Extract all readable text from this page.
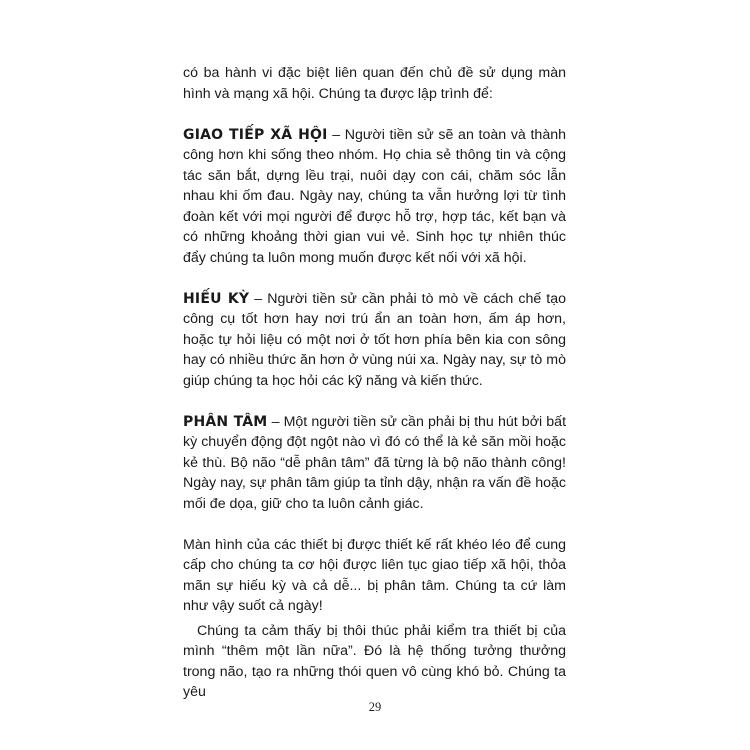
có ba hành vi đặc biệt liên quan đến chủ đề sử dụng màn hình và mạng xã hội. Chúng ta được lập trình để:

GIAO TIẾP XÃ HỘI – Người tiền sử sẽ an toàn và thành công hơn khi sống theo nhóm. Họ chia sẻ thông tin và cộng tác săn bắt, dựng lều trại, nuôi dạy con cái, chăm sóc lẫn nhau khi ốm đau. Ngày nay, chúng ta vẫn hưởng lợi từ tình đoàn kết với mọi người để được hỗ trợ, hợp tác, kết bạn và có những khoảng thời gian vui vẻ. Sinh học tự nhiên thúc đẩy chúng ta luôn mong muốn được kết nối với xã hội.

HIẾU KỲ – Người tiền sử cần phải tò mò về cách chế tạo công cụ tốt hơn hay nơi trú ẩn an toàn hơn, ấm áp hơn, hoặc tự hỏi liệu có một nơi ở tốt hơn phía bên kia con sông hay có nhiều thức ăn hơn ở vùng núi xa. Ngày nay, sự tò mò giúp chúng ta học hỏi các kỹ năng và kiến thức.

PHÂN TÂM – Một người tiền sử cần phải bị thu hút bởi bất kỳ chuyển động đột ngột nào vì đó có thể là kẻ săn mồi hoặc kẻ thù. Bộ não “dễ phân tâm” đã từng là bộ não thành công! Ngày nay, sự phân tâm giúp ta tỉnh dậy, nhận ra vấn đề hoặc mối đe dọa, giữ cho ta luôn cảnh giác.

Màn hình của các thiết bị được thiết kế rất khéo léo để cung cấp cho chúng ta cơ hội được liên tục giao tiếp xã hội, thỏa mãn sự hiếu kỳ và cả dễ... bị phân tâm. Chúng ta cứ làm như vậy suốt cả ngày!

Chúng ta cảm thấy bị thôi thúc phải kiểm tra thiết bị của mình “thêm một lần nữa”. Đó là hệ thống tưởng thưởng trong não, tạo ra những thói quen vô cùng khó bỏ. Chúng ta yêu

29
